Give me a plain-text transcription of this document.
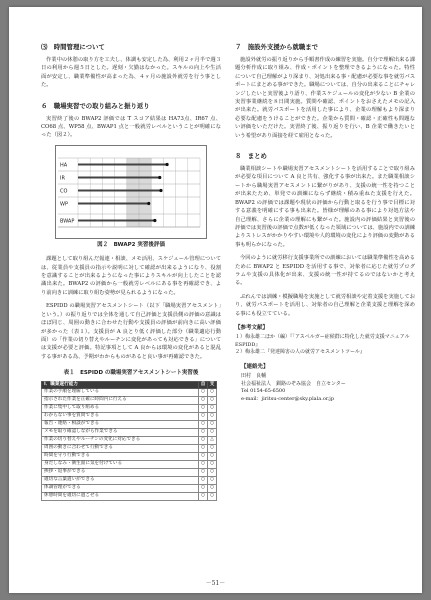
⑶　時間管理について

作業中の休憩の取り方を工夫し、体調も安定した為、利用２ヶ月半で週３日の利用から週５日とした。遅刻・欠勤はなかった。スキルの向上や生活面が安定し、職業準備性が高まった為、４ヶ月の施設外就労を行う事とした。

６　職場実習での取り組みと振り返り

実習終了後の BWAP2 評価では T スコア結果は HA73点、IR67 点、CO68 点、WP58 点、BWAP1 点と一般就労レベルということが明確になった（図２）。

HA
IR
CO
WP
BWAP
図２　BWAP2 実習後評価

課題として取り組んだ報連・相談、メモ活用、スケジュール管理については、従業員や支援員の指示や説明に対して確認が出来るようになり、役割を意識することが出来るようになった事によりスキルが向上したことを認識出来た。BWAP2 の評価から一般就労レベルにある事を再確認でき、より前向きに訓練に取り組む姿勢が見られるようになった。

ESPIDD の職場実習アセスメントシート（以下「職場実習アセスメント」という。）の振り返りでは全体を通して自己評価と支援員側の評価の意識はほぼ同じ、周囲の動きに合わせた行動や支援員の評価が前向きに高い評価が多かった（表１）。支援員が A 良とり低く評価した部分（職業適応行動面）の「作業の切り替えやルーチンに変化があっても対応できる」については支援が必要と評価。特記事項として A 良からは環境の変化があると混乱する事がある為、予期がわからものがあると良い事が再確認できた。

表１　ESPIDD の職場実習アセスメントシート実習後
Ⅰ．職業遂行能力	自	支
作業の手順を理解している	○	○
指示された作業を正確に時間内に行える	○	○
作業に集中して取り組める	○	○
わからない事を質問できる	○	○
報告・連絡・相談ができる	○	○
メモを取り確認しながら作業できる	○	○
作業の切り替えやルーチンの変化に対応できる	○	△
周囲の動きに合わせて行動できる	○	○
時間を守り行動できる	○	○
身だしなみ・衛生面に気を付けている	○	○
挨拶・返事ができる	○	○
適切な言葉遣いができる	○	○
体調管理ができる	○	○
休憩時間を適切に過ごせる	○	○
７　施設外支援から就職まで

施設外就労の振り返りから手順書作成の練習を実施。自分で理解出来る課題分析作成に取り組み、作成・ポイントを整理できるようになった。特性について自己理解がより深まり、対処出来る事・配慮が必要な事を就労パスポートにまとめる事ができた。職場については、自分の出来ることにチャレンジしたいと実習後より語り、作業スケジュールの変化が少ない B 企業の実習事業継続を８日間実施。質問や確認、ポイントをおさえたメモの記入が出来た。就労パスポートを活用した事により、企業の理解もより深まり必要な配慮をうけることができた。企業から質問・確認・正確性も問題ない評価をいただけた。実習終了後、振り返りを行い、B 企業で働きたいという希望があり面接を経て雇用となった。

８　まとめ

職業相談シートや職場実習アセスメントシートを活用することで取り組みが必要な項目について A 良と共有、強化する事が出来た。また職業相談シートから職場実習アセスメントに繋がりがあり、支援の統一性を持つことが出来たため、単発での訓練にならず継続・積み重ねた支援を行えた。BWAP2 の評価では課題や現状の評価から行動と取るを行う事で目標に対する意義を明確にする事も出来た。皆様が理解のある事により対処方法や自己理解、さらに企業の理解にも繋がった。施設内の評価結果と実習後の評価では実習後の評価で点数が低くなった領域については、施設内での訓練よりストレスがかかりやすい環境や人的環境の変化により評価の変動がある事も明らかになった。

今回のように就労移行支援事業所での訓練においては職業準備性を高めるために BWAP2 と ESPIDD を活用する事で、対象者に応じた就労プログラムや支援の具体化が出来、支援の統一性が持てるのではないかと考える。

ぷれんでは訓練・模擬職場を実施として就労相談や定着支援を実施しており、就労パスポートを活用し、対象者の自己理解と企業支援と理解を深める事にも役立てている。

【参考文献】
１）梅永雄二ほか（編）『「アスペルガー症候群に特化した就労支援マニュアル ESPIDD』
２）梅永雄二『発達障害の人の就労アセスメントツール』
【連絡先】
田村　良輔
社会福祉法人　釧路のぞみ協会　自立センター
Tel 0154-65-6500
e-mail：jiritsu-center@sky.plala.or.jp
－51－
